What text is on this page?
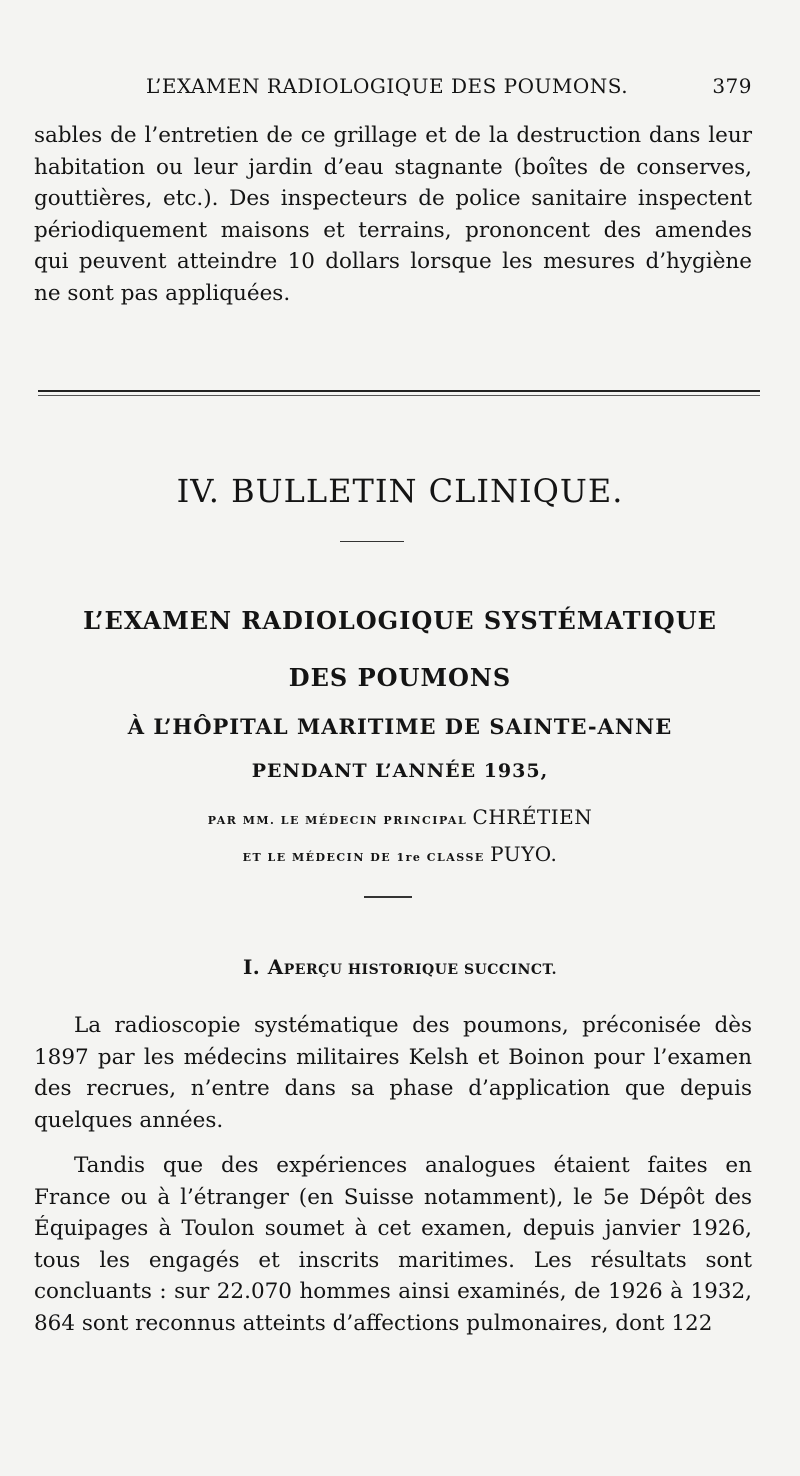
L’EXAMEN RADIOLOGIQUE DES POUMONS.	379

sables de l’entretien de ce grillage et de la destruction dans leur habitation ou leur jardin d’eau stagnante (boîtes de conserves, gouttières, etc.). Des inspecteurs de police sanitaire inspectent périodiquement maisons et terrains, prononcent des amendes qui peuvent atteindre 10 dollars lorsque les mesures d’hygiène ne sont pas appliquées.

IV. BULLETIN CLINIQUE.
L’EXAMEN RADIOLOGIQUE SYSTÉMATIQUE
DES POUMONS
À L’HÔPITAL MARITIME DE SAINTE-ANNE
PENDANT L’ANNÉE 1935,
PAR MM. LE MÉDECIN PRINCIPAL CHRÉTIEN
ET LE MÉDECIN DE 1re CLASSE PUYO.
I. APERÇU HISTORIQUE SUCCINCT.

La radioscopie systématique des poumons, préconisée dès 1897 par les médecins militaires Kelsh et Boinon pour l’examen des recrues, n’entre dans sa phase d’application que depuis quelques années.

Tandis que des expériences analogues étaient faites en France ou à l’étranger (en Suisse notamment), le 5e Dépôt des Équipages à Toulon soumet à cet examen, depuis janvier 1926, tous les engagés et inscrits maritimes. Les résultats sont concluants : sur 22.070 hommes ainsi examinés, de 1926 à 1932, 864 sont reconnus atteints d’affections pulmonaires, dont 122
